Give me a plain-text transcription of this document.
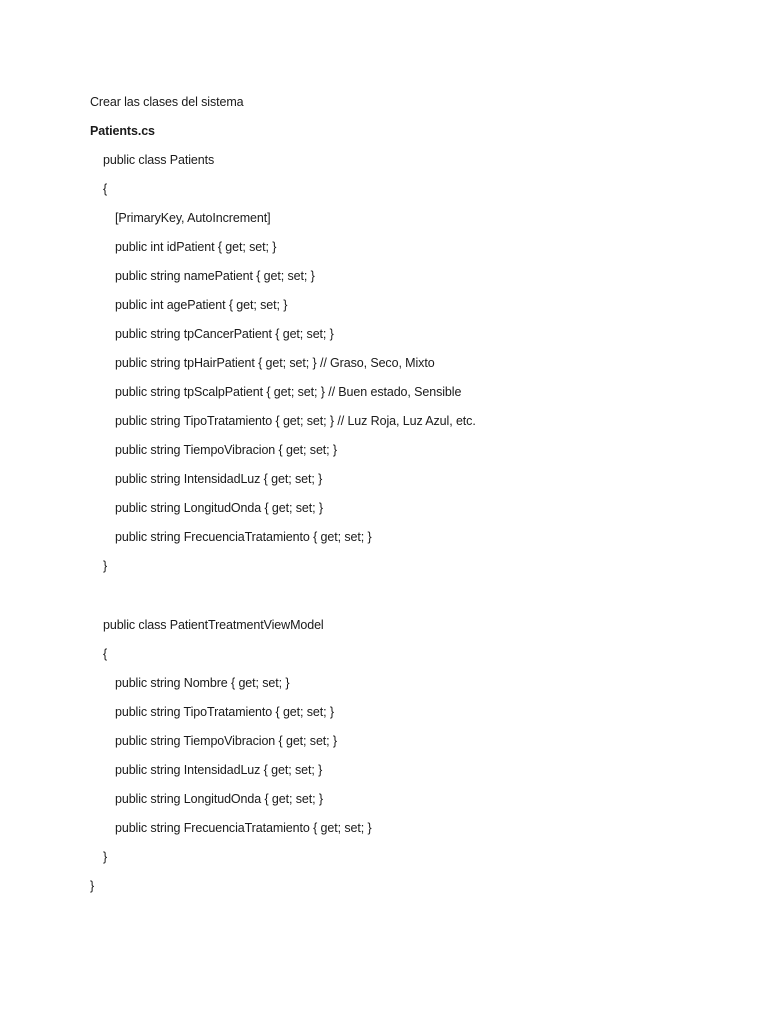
Crear las clases del sistema
Patients.cs
public class Patients
{
[PrimaryKey, AutoIncrement]
public int idPatient { get; set; }
public string namePatient { get; set; }
public int agePatient { get; set; }
public string tpCancerPatient { get; set; }
public string tpHairPatient { get; set; } // Graso, Seco, Mixto
public string tpScalpPatient { get; set; } // Buen estado, Sensible
public string TipoTratamiento { get; set; } // Luz Roja, Luz Azul, etc.
public string TiempoVibracion { get; set; }
public string IntensidadLuz { get; set; }
public string LongitudOnda { get; set; }
public string FrecuenciaTratamiento { get; set; }
}
public class PatientTreatmentViewModel
{
public string Nombre { get; set; }
public string TipoTratamiento { get; set; }
public string TiempoVibracion { get; set; }
public string IntensidadLuz { get; set; }
public string LongitudOnda { get; set; }
public string FrecuenciaTratamiento { get; set; }
}
}
